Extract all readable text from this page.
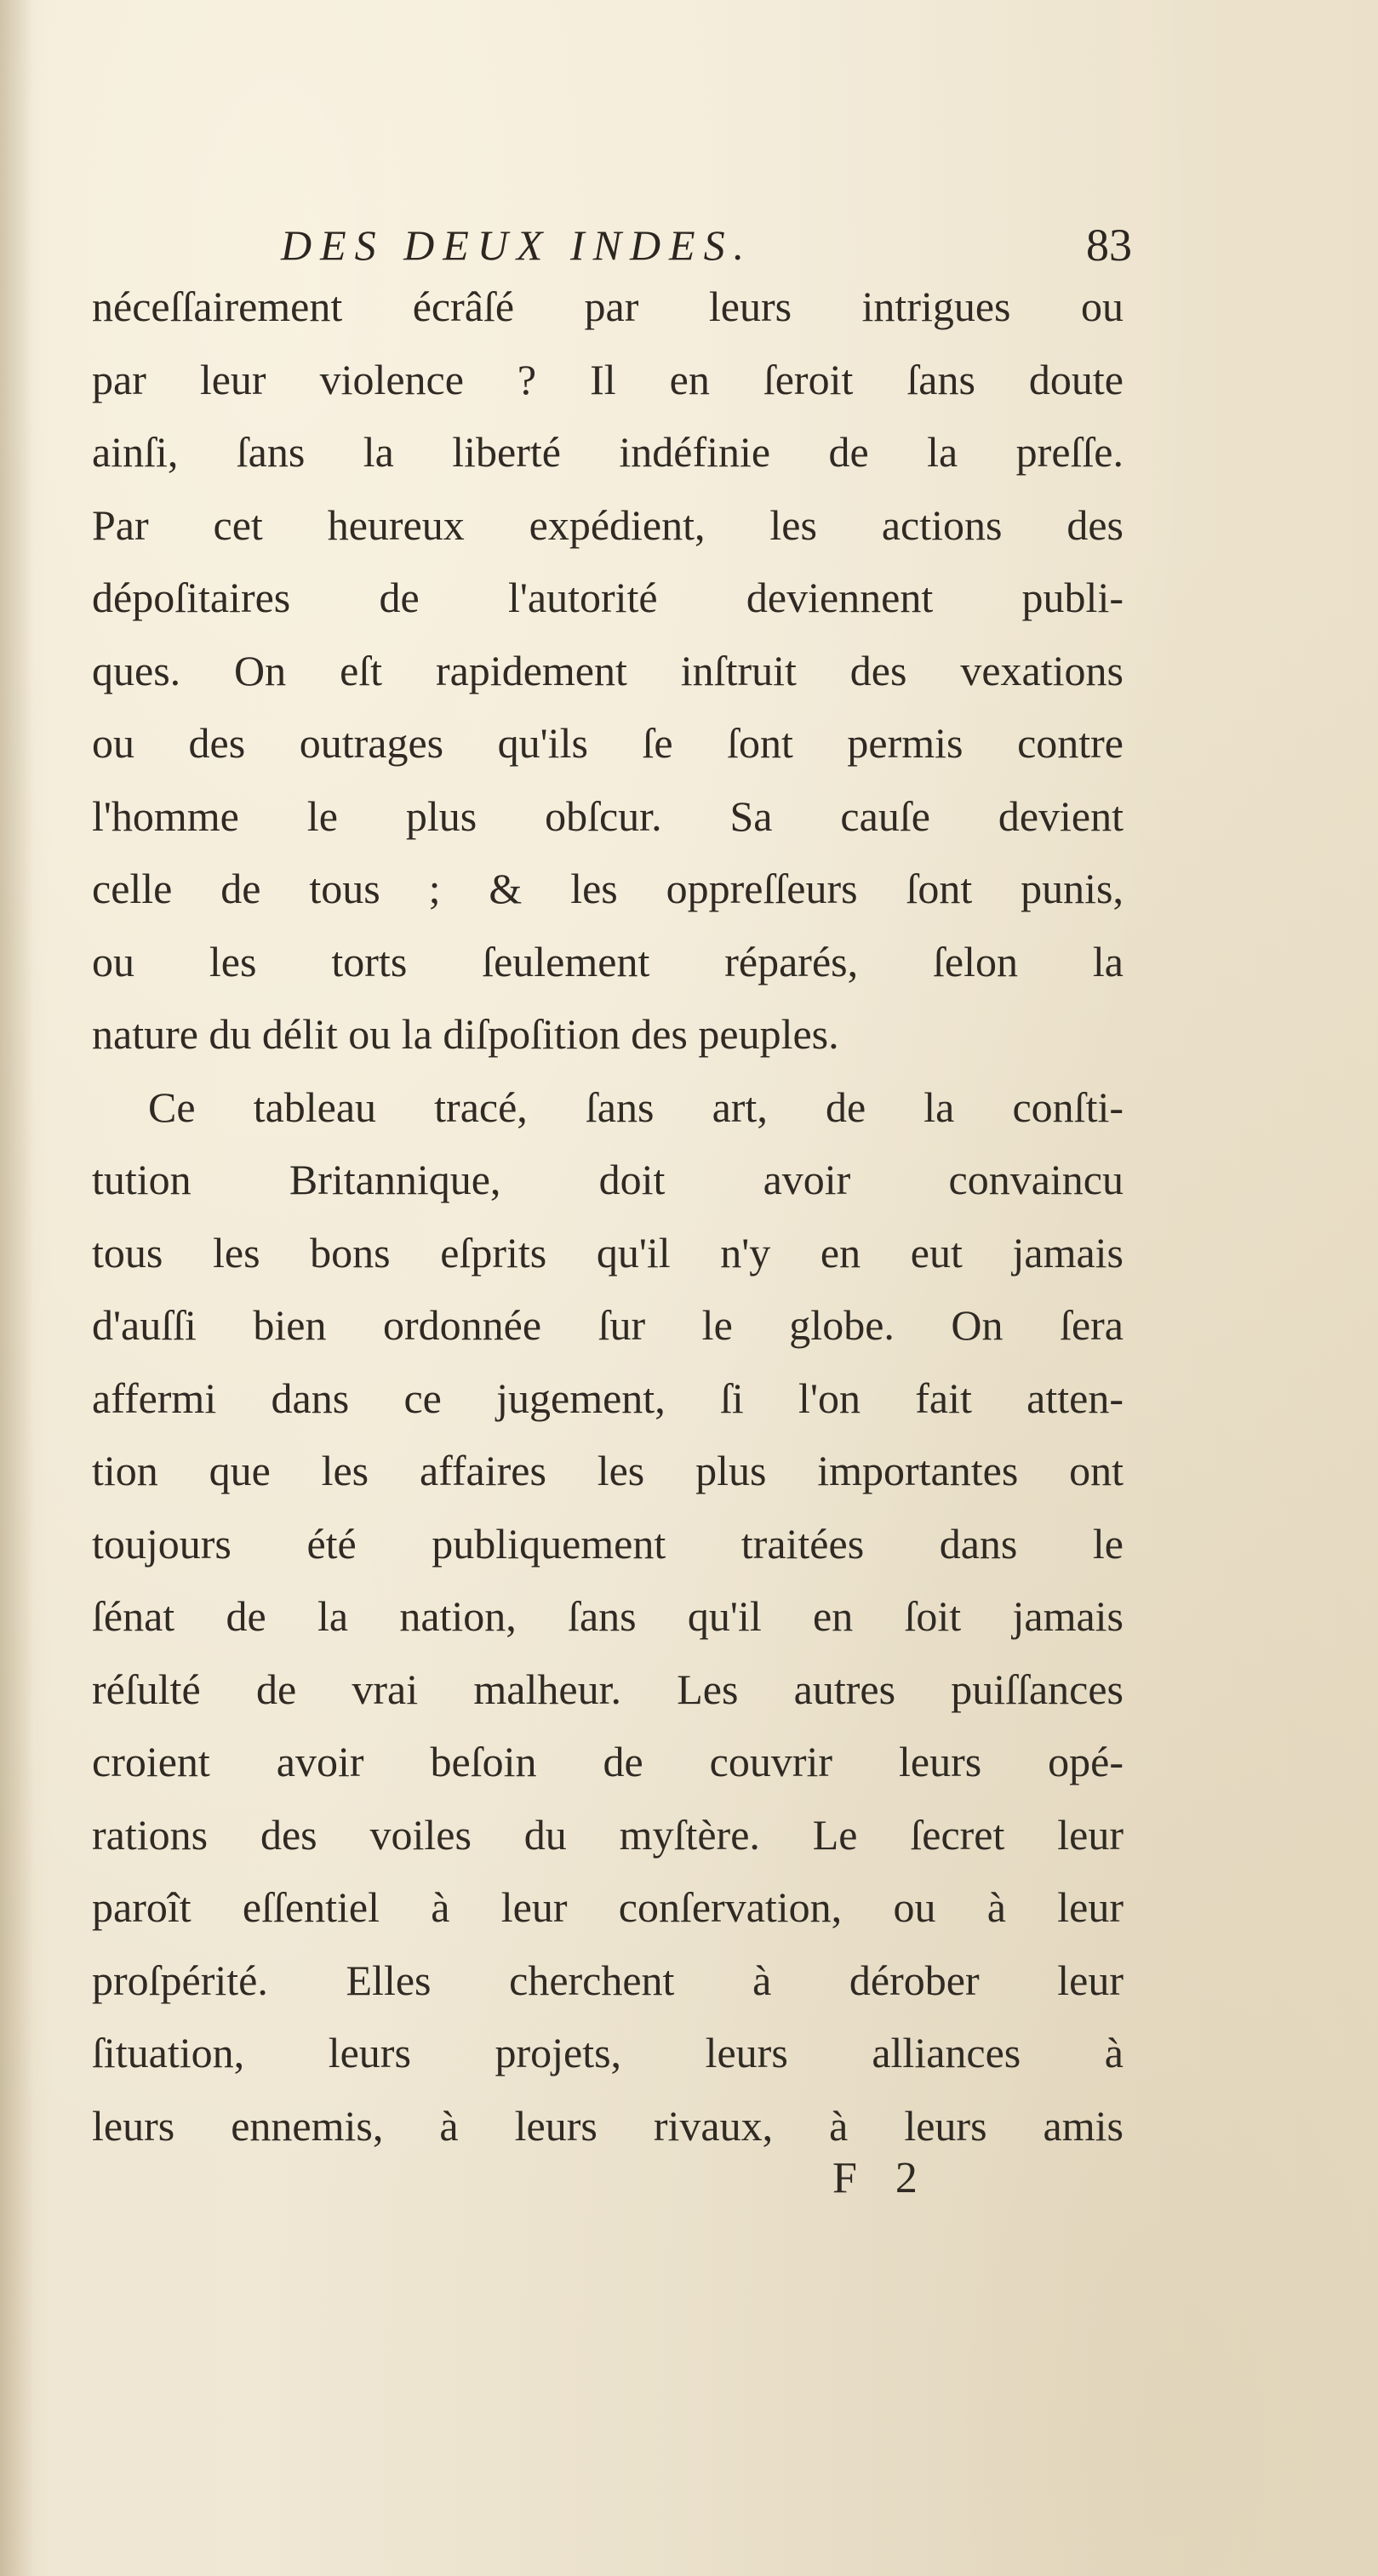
DES DEUX INDES.	83
néceſſairement écrâſé par leurs intrigues ou
par leur violence ? Il en ſeroit ſans doute
ainſi, ſans la liberté indéfinie de la preſſe.
Par cet heureux expédient, les actions des
dépoſitaires de l'autorité deviennent publi-
ques. On eſt rapidement inſtruit des vexations
ou des outrages qu'ils ſe ſont permis contre
l'homme le plus obſcur. Sa cauſe devient
celle de tous ; & les oppreſſeurs ſont punis,
ou les torts ſeulement réparés, ſelon la
nature du délit ou la diſpoſition des peuples.
Ce tableau tracé, ſans art, de la conſti-
tution Britannique, doit avoir convaincu
tous les bons eſprits qu'il n'y en eut jamais
d'auſſi bien ordonnée ſur le globe. On ſera
affermi dans ce jugement, ſi l'on fait atten-
tion que les affaires les plus importantes ont
toujours été publiquement traitées dans le
ſénat de la nation, ſans qu'il en ſoit jamais
réſulté de vrai malheur. Les autres puiſſances
croient avoir beſoin de couvrir leurs opé-
rations des voiles du myſtère. Le ſecret leur
paroît eſſentiel à leur conſervation, ou à leur
proſpérité. Elles cherchent à dérober leur
ſituation, leurs projets, leurs alliances à
leurs ennemis, à leurs rivaux, à leurs amis
F 2
